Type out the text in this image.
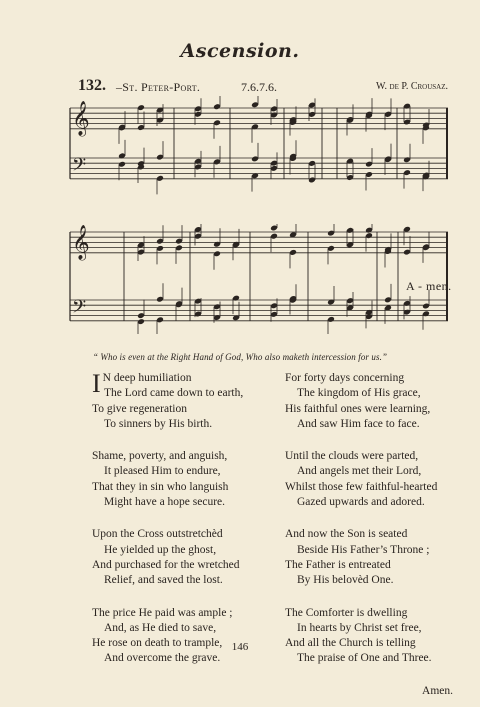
Ascension.
132. –St. Peter-Port.	7.6.7.6.	W. de P. Crousaz.
𝄞
𝄢
𝄞
𝄢
A - men.
“ Who is even at the Right Hand of God, Who also maketh intercession for us.”
I N deep humiliation
The Lord came down to earth,
To give regeneration
To sinners by His birth.
Shame, poverty, and anguish,
It pleased Him to endure,
That they in sin who languish
Might have a hope secure.
Upon the Cross outstretchèd
He yielded up the ghost,
And purchased for the wretched
Relief, and saved the lost.
The price He paid was ample ;
And, as He died to save,
He rose on death to trample,
And overcome the grave.
For forty days concerning
The kingdom of His grace,
His faithful ones were learning,
And saw Him face to face.
Until the clouds were parted,
And angels met their Lord,
Whilst those few faithful-hearted
Gazed upwards and adored.
And now the Son is seated
Beside His Father’s Throne ;
The Father is entreated
By His belovèd One.
The Comforter is dwelling
In hearts by Christ set free,
And all the Church is telling
The praise of One and Three.
Amen.
146
